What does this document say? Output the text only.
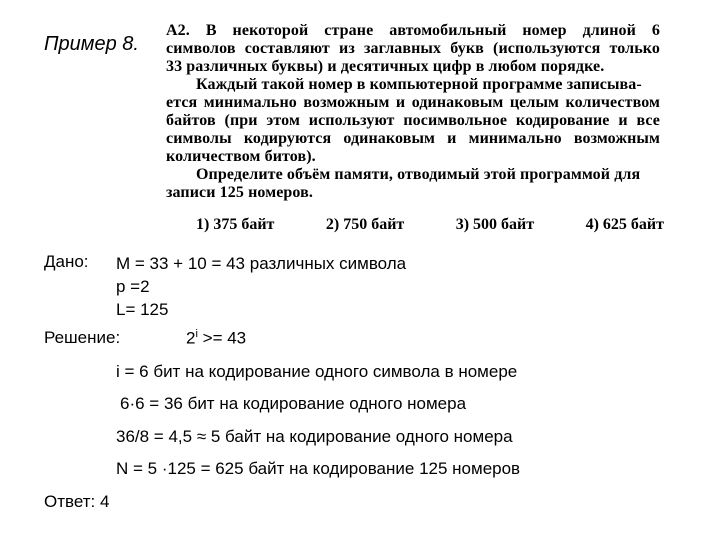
Пример 8.
А2. В некоторой стране автомобильный номер длиной 6
символов составляют из заглавных букв (используются только
33 различных буквы) и десятичных цифр в любом порядке.
Каждый такой номер в компьютерной программе записыва-
ется минимально возможным и одинаковым целым количеством
байтов (при этом используют посимвольное кодирование и все
символы кодируются одинаковым и минимально возможным
количеством битов).
Определите объём памяти, отводимый этой программой для
записи 125 номеров.
1) 375 байт	2) 750 байт	3) 500 байт	4) 625 байт
Дано: M = 33 + 10 = 43 различных символа
p =2
L= 125
Решение:	$2^i >= 43$
i = 6 бит на кодирование одного символа в номере
6·6 = 36 бит на кодирование одного номера
36/8 = 4,5 ≈ 5 байт на кодирование одного номера
N = 5 ·125 = 625 байт на кодирование 125 номеров
Ответ: 4
